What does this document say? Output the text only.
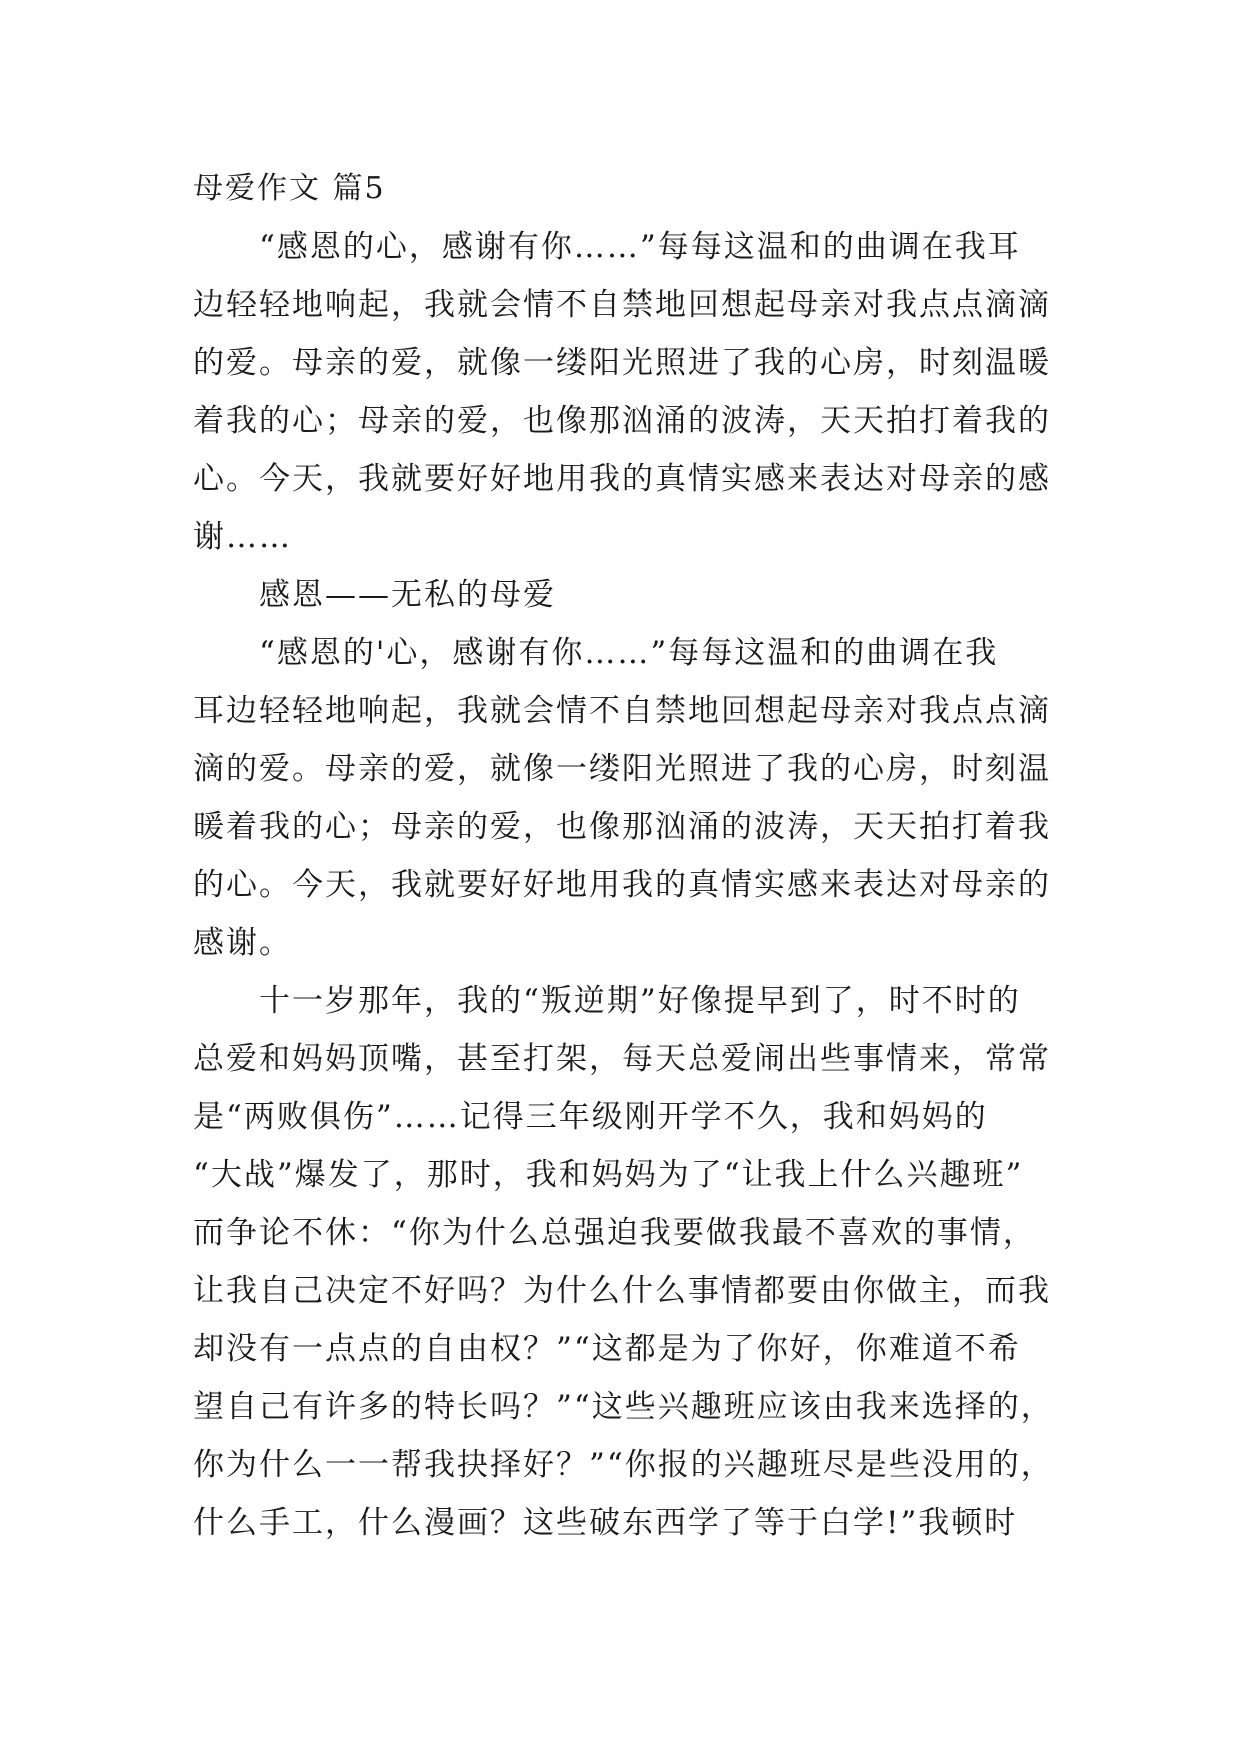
母爱作文 篇5
　　“感恩的心，感谢有你……”每每这温和的曲调在我耳
边轻轻地响起，我就会情不自禁地回想起母亲对我点点滴滴
的爱。母亲的爱，就像一缕阳光照进了我的心房，时刻温暖
着我的心；母亲的爱，也像那汹涌的波涛，天天拍打着我的
心。今天，我就要好好地用我的真情实感来表达对母亲的感
谢……
　　感恩——无私的母爱
　　“感恩的'心，感谢有你……”每每这温和的曲调在我
耳边轻轻地响起，我就会情不自禁地回想起母亲对我点点滴
滴的爱。母亲的爱，就像一缕阳光照进了我的心房，时刻温
暖着我的心；母亲的爱，也像那汹涌的波涛，天天拍打着我
的心。今天，我就要好好地用我的真情实感来表达对母亲的
感谢。
　　十一岁那年，我的“叛逆期”好像提早到了，时不时的
总爱和妈妈顶嘴，甚至打架，每天总爱闹出些事情来，常常
是“两败俱伤”……记得三年级刚开学不久，我和妈妈的
“大战”爆发了，那时，我和妈妈为了“让我上什么兴趣班”
而争论不休：“你为什么总强迫我要做我最不喜欢的事情，
让我自己决定不好吗？为什么什么事情都要由你做主，而我
却没有一点点的自由权？”“这都是为了你好，你难道不希
望自己有许多的特长吗？”“这些兴趣班应该由我来选择的，
你为什么一一帮我抉择好？”“你报的兴趣班尽是些没用的，
什么手工，什么漫画？这些破东西学了等于白学!”我顿时
